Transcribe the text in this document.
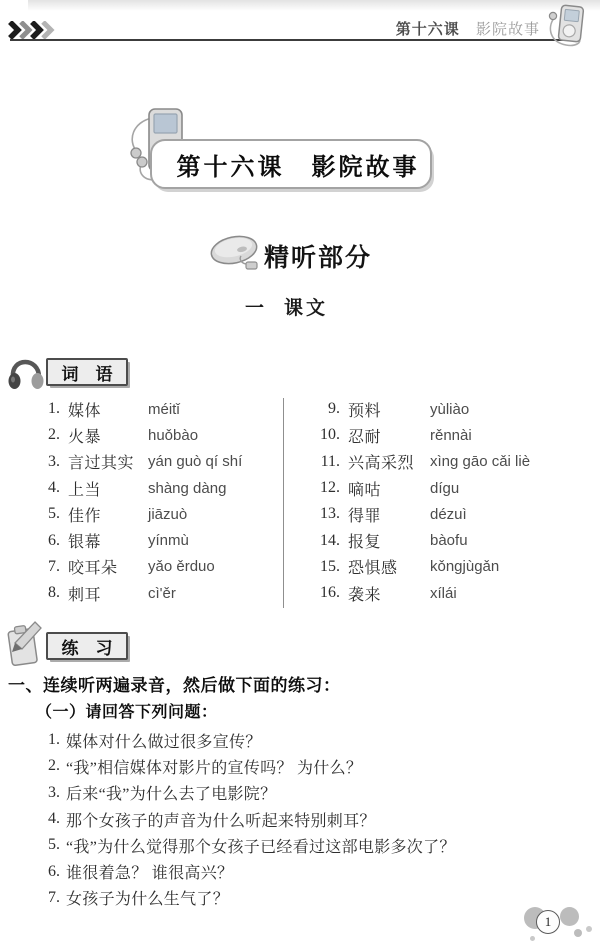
第十六课 影院故事
第十六课　影院故事
精听部分
一 课文
词　语
1. 媒体	méitǐ
2. 火暴	huǒbào
3. 言过其实 yán guò qí shí
4. 上当	shàng dàng
5. 佳作	jiāzuò
6. 银幕	yínmù
7. 咬耳朵	yǎo ěrduo
8. 刺耳	cì'ěr
9. 预料	yùliào
10. 忍耐	rěnnài
11. 兴高采烈	xìng gāo cǎi liè
12. 嘀咕	dígu
13. 得罪	dézuì
14. 报复	bàofu
15. 恐惧感	kǒngjùgǎn
16. 袭来	xílái
练　习
一、连续听两遍录音，然后做下面的练习：
（一）请回答下列问题：
1. 媒体对什么做过很多宣传？
2. “我”相信媒体对影片的宣传吗？ 为什么？
3. 后来“我”为什么去了电影院？
4. 那个女孩子的声音为什么听起来特别刺耳？
5. “我”为什么觉得那个女孩子已经看过这部电影多次了？
6. 谁很着急？ 谁很高兴？
7. 女孩子为什么生气了？
1
